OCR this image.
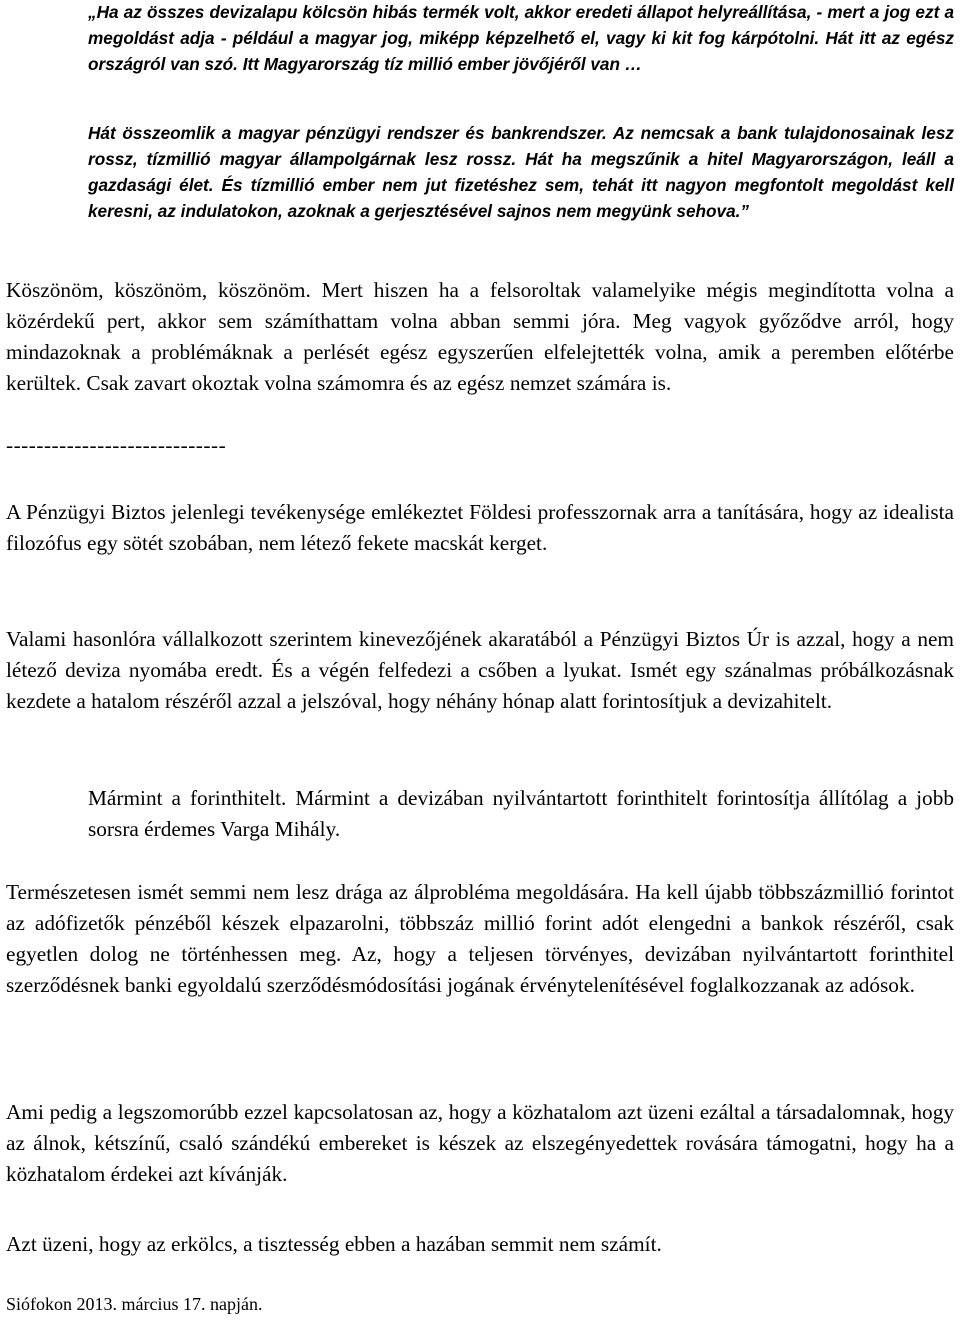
„Ha az összes devizalapu kölcsön hibás termék volt, akkor eredeti állapot helyreállítása, - mert a jog ezt a megoldást adja - például a magyar jog, miképp képzelhető el, vagy ki kit fog kárpótolni. Hát itt az egész országról van szó. Itt Magyarország tíz millió ember jövőjéről van …

Hát összeomlik a magyar pénzügyi rendszer és bankrendszer. Az nemcsak a bank tulajdonosainak lesz rossz, tízmillió magyar állampolgárnak lesz rossz. Hát ha megszűnik a hitel Magyarországon, leáll a gazdasági élet. És tízmillió ember nem jut fizetéshez sem, tehát itt nagyon megfontolt megoldást kell keresni, az indulatokon, azoknak a gerjesztésével sajnos nem megyünk sehova.”

Köszönöm, köszönöm, köszönöm. Mert hiszen ha a felsoroltak valamelyike mégis megindította volna a közérdekű pert, akkor sem számíthattam volna abban semmi jóra. Meg vagyok győződve arról, hogy mindazoknak a problémáknak a perlését egész egyszerűen elfelejtették volna, amik a peremben előtérbe kerültek. Csak zavart okoztak volna számomra és az egész nemzet számára is.

-----------------------------

A Pénzügyi Biztos jelenlegi tevékenysége emlékeztet Földesi professzornak arra a tanítására, hogy az idealista filozófus egy sötét szobában, nem létező fekete macskát kerget.

Valami hasonlóra vállalkozott szerintem kinevezőjének akaratából a Pénzügyi Biztos Úr is azzal, hogy a nem létező deviza nyomába eredt. És a végén felfedezi a csőben a lyukat. Ismét egy szánalmas próbálkozásnak kezdete a hatalom részéről azzal a jelszóval, hogy néhány hónap alatt forintosítjuk a devizahitelt.

Mármint a forinthitelt. Mármint a devizában nyilvántartott forinthitelt forintosítja állítólag a jobb sorsra érdemes Varga Mihály.

Természetesen ismét semmi nem lesz drága az álprobléma megoldására. Ha kell újabb többszázmillió forintot az adófizetők pénzéből készek elpazarolni, többszáz millió forint adót elengedni a bankok részéről, csak egyetlen dolog ne történhessen meg. Az, hogy a teljesen törvényes, devizában nyilvántartott forinthitel szerződésnek banki egyoldalú szerződésmódosítási jogának érvénytelenítésével foglalkozzanak az adósok.

Ami pedig a legszomorúbb ezzel kapcsolatosan az, hogy a közhatalom azt üzeni ezáltal a társadalomnak, hogy az álnok, kétszínű, csaló szándékú embereket is készek az elszegényedettek rovására támogatni, hogy ha a közhatalom érdekei azt kívánják.

Azt üzeni, hogy az erkölcs, a tisztesség ebben a hazában semmit nem számít.

Siófokon 2013. március 17. napján.
